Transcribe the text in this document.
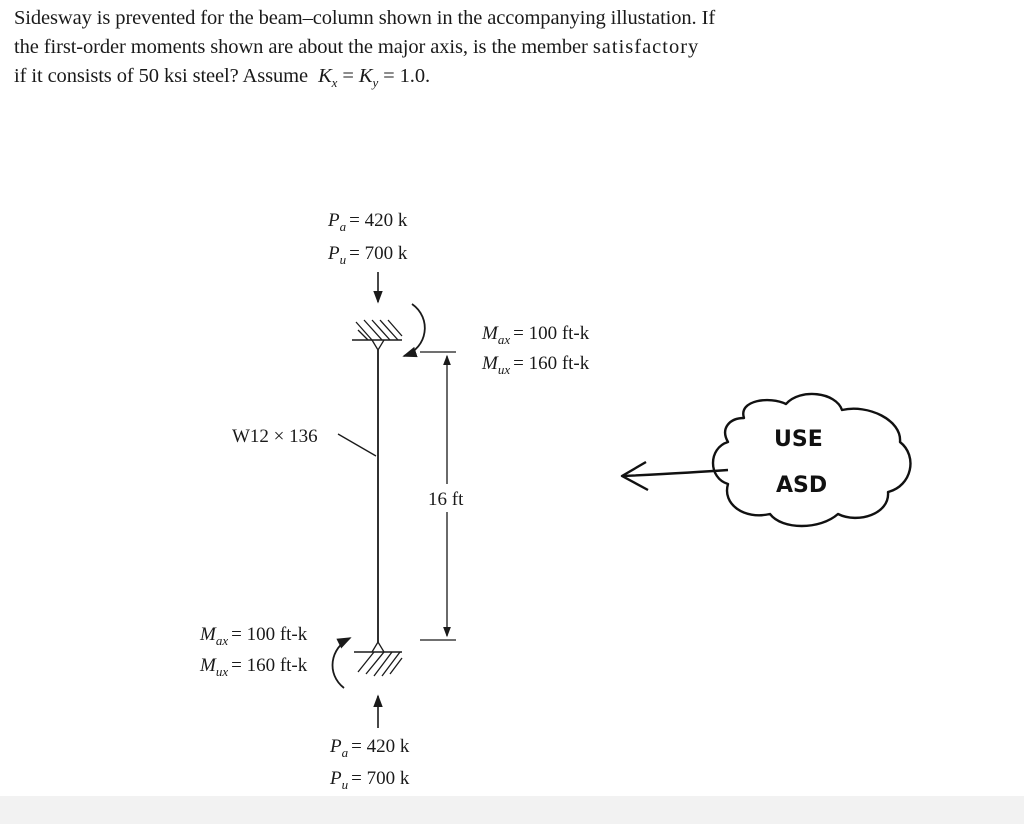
Sidesway is prevented for the beam–column shown in the accompanying illustation. If
the first-order moments shown are about the major axis, is the member satisfactory
if it consists of 50 ksi steel? Assume $K_x = K_y = 1.0$.
$P_a = 420$ k
$P_u = 700$ k
$M_{ax} = 100$ ft-k
$M_{ux} = 160$ ft-k
W12 × 136
16 ft
$M_{ax} = 100$ ft-k
$M_{ux} = 160$ ft-k
$P_a = 420$ k
$P_u = 700$ k
USE
ASD
